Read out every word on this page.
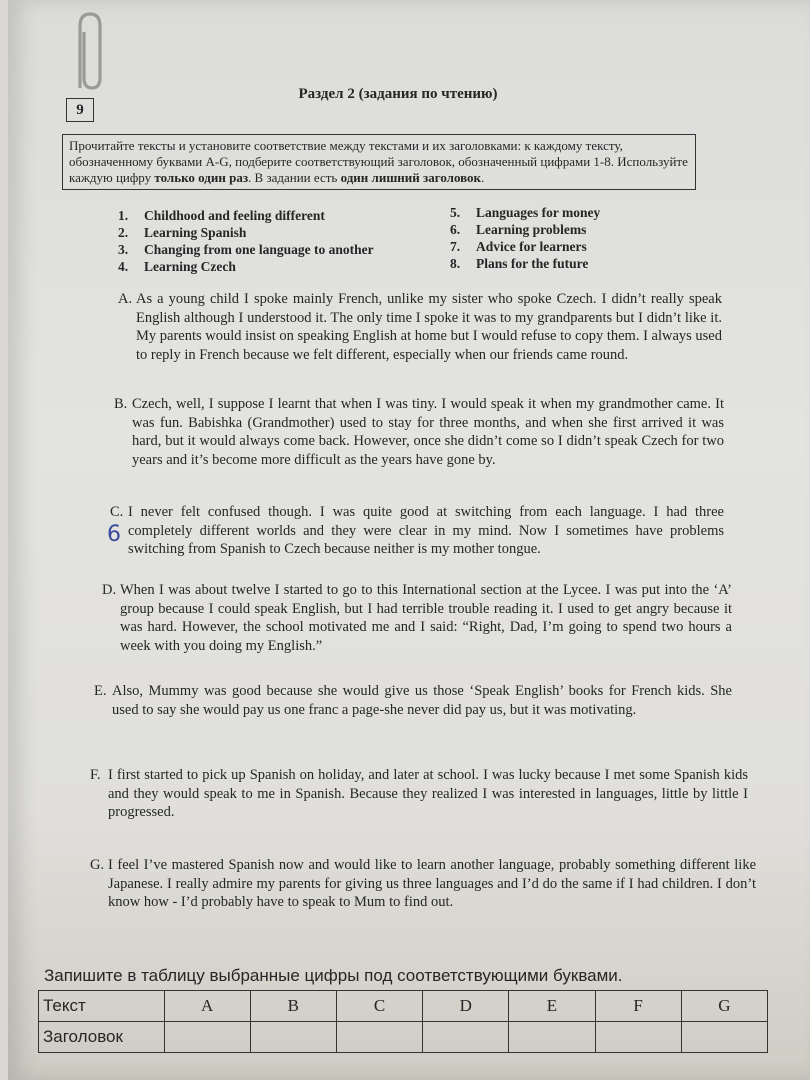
9
Раздел 2 (задания по чтению)
Прочитайте тексты и установите соответствие между текстами и их заголовками: к каждому тексту, обозначенному буквами A-G, подберите соответствующий заголовок, обозначенный цифрами 1-8. Используйте каждую цифру только один раз. В задании есть один лишний заголовок.
1.	Childhood and feeling different
2.	Learning Spanish
3.	Changing from one language to another
4.	Learning Czech
5.	Languages for money
6.	Learning problems
7.	Advice for learners
8.	Plans for the future
A. As a young child I spoke mainly French, unlike my sister who spoke Czech. I didn’t really speak English although I understood it. The only time I spoke it was to my grandparents but I didn’t like it. My parents would insist on speaking English at home but I would refuse to copy them. I always used to reply in French because we felt different, especially when our friends came round.
B. Czech, well, I suppose I learnt that when I was tiny. I would speak it when my grandmother came. It was fun. Babishka (Grandmother) used to stay for three months, and when she first arrived it was hard, but it would always come back. However, once she didn’t come so I didn’t speak Czech for two years and it’s become more difficult as the years have gone by.
C. I never felt confused though. I was quite good at switching from each language. I had three completely different worlds and they were clear in my mind. Now I sometimes have problems switching from Spanish to Czech because neither is my mother tongue.
6
D. When I was about twelve I started to go to this International section at the Lycee. I was put into the ‘A’ group because I could speak English, but I had terrible trouble reading it. I used to get angry because it was hard. However, the school motivated me and I said: “Right, Dad, I’m going to spend two hours a week with you doing my English.”
E. Also, Mummy was good because she would give us those ‘Speak English’ books for French kids. She used to say she would pay us one franc a page-she never did pay us, but it was motivating.
F. I first started to pick up Spanish on holiday, and later at school. I was lucky because I met some Spanish kids and they would speak to me in Spanish. Because they realized I was interested in languages, little by little I progressed.
G. I feel I’ve mastered Spanish now and would like to learn another language, probably something different like Japanese. I really admire my parents for giving us three languages and I’d do the same if I had children. I don’t know how - I’d probably have to speak to Mum to find out.
Запишите в таблицу выбранные цифры под соответствующими буквами.
Текст	A	B	C	D	E	F	G
Заголовок							
